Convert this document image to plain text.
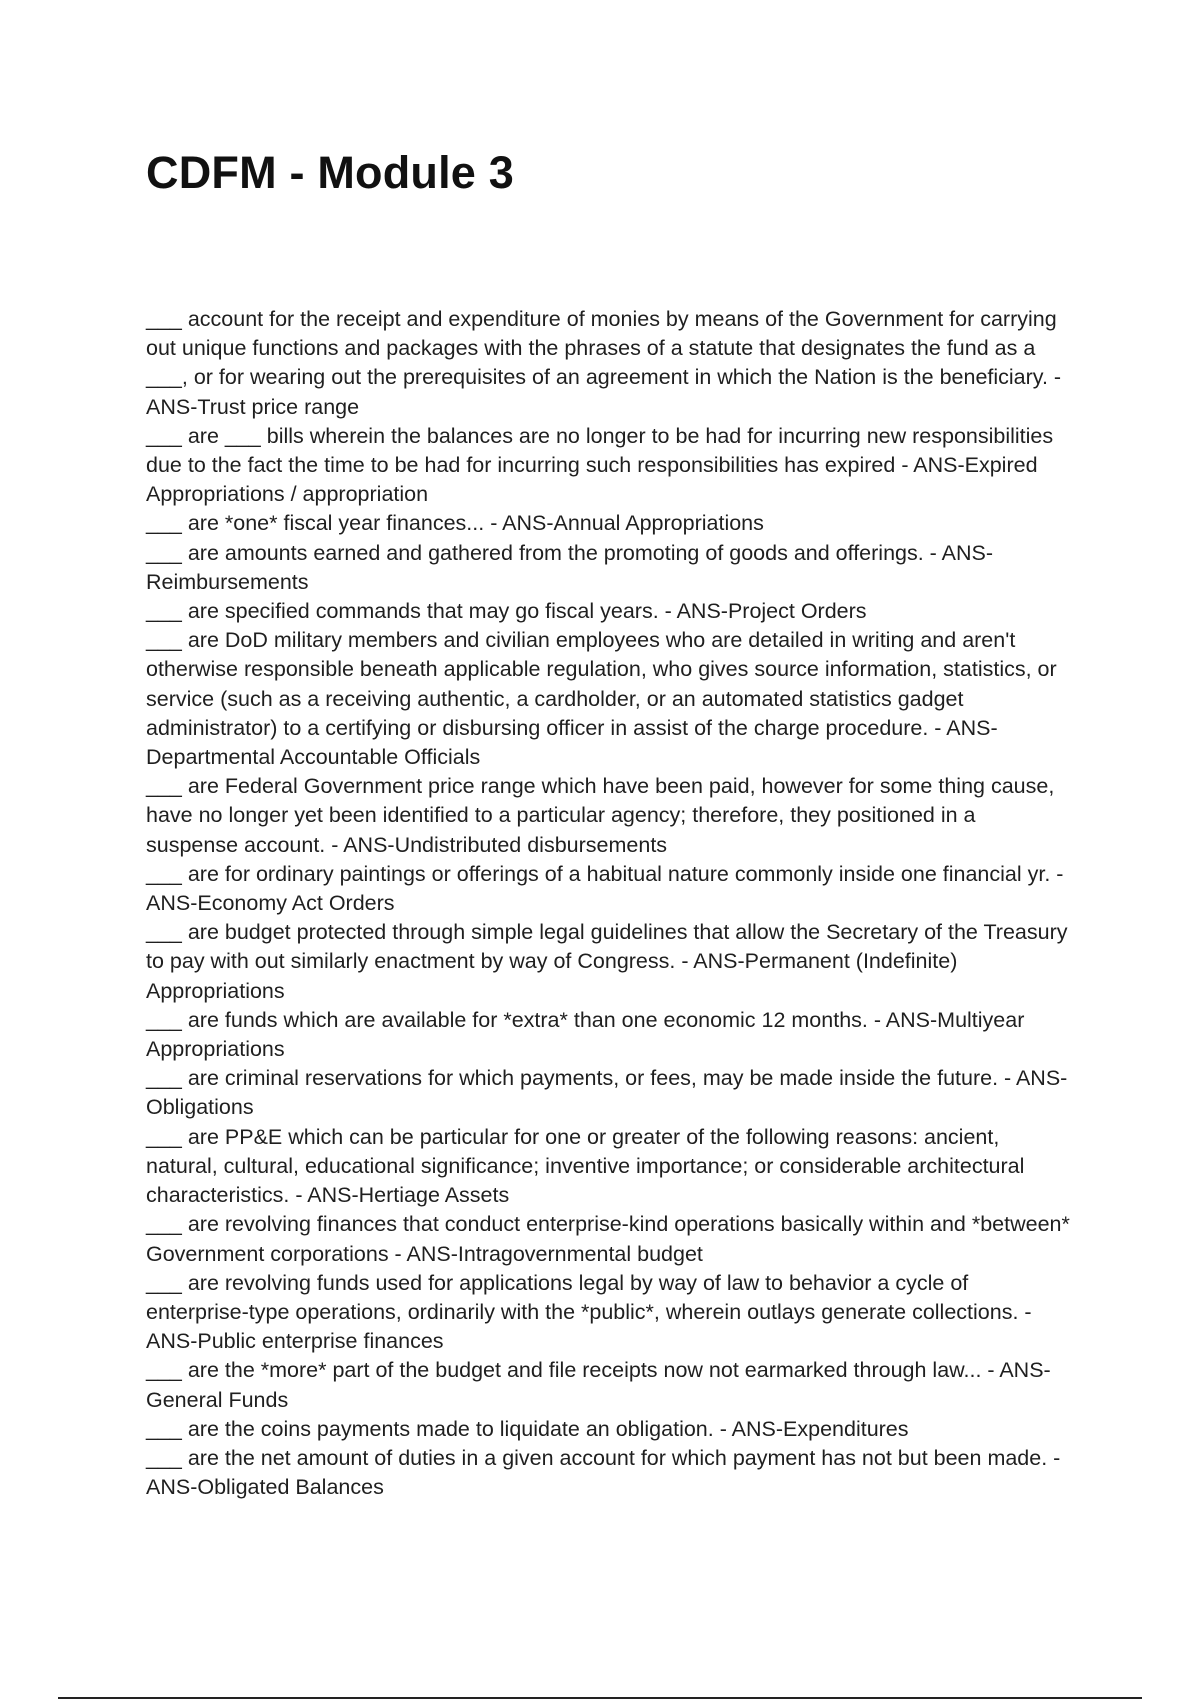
CDFM - Module 3

___ account for the receipt and expenditure of monies by means of the Government for carrying out unique functions and packages with the phrases of a statute that designates the fund as a ___, or for wearing out the prerequisites of an agreement in which the Nation is the beneficiary. - ANS-Trust price range

___ are ___ bills wherein the balances are no longer to be had for incurring new responsibilities due to the fact the time to be had for incurring such responsibilities has expired - ANS-Expired Appropriations / appropriation

___ are *one* fiscal year finances... - ANS-Annual Appropriations

___ are amounts earned and gathered from the promoting of goods and offerings. - ANS-Reimbursements

___ are specified commands that may go fiscal years. - ANS-Project Orders

___ are DoD military members and civilian employees who are detailed in writing and aren't otherwise responsible beneath applicable regulation, who gives source information, statistics, or service (such as a receiving authentic, a cardholder, or an automated statistics gadget administrator) to a certifying or disbursing officer in assist of the charge procedure. - ANS-Departmental Accountable Officials

___ are Federal Government price range which have been paid, however for some thing cause, have no longer yet been identified to a particular agency; therefore, they positioned in a suspense account. - ANS-Undistributed disbursements

___ are for ordinary paintings or offerings of a habitual nature commonly inside one financial yr. - ANS-Economy Act Orders

___ are budget protected through simple legal guidelines that allow the Secretary of the Treasury to pay with out similarly enactment by way of Congress. - ANS-Permanent (Indefinite) Appropriations

___ are funds which are available for *extra* than one economic 12 months. - ANS-Multiyear Appropriations

___ are criminal reservations for which payments, or fees, may be made inside the future. - ANS-Obligations

___ are PP&E which can be particular for one or greater of the following reasons: ancient, natural, cultural, educational significance; inventive importance; or considerable architectural characteristics. - ANS-Hertiage Assets

___ are revolving finances that conduct enterprise-kind operations basically within and *between* Government corporations - ANS-Intragovernmental budget

___ are revolving funds used for applications legal by way of law to behavior a cycle of enterprise-type operations, ordinarily with the *public*, wherein outlays generate collections. - ANS-Public enterprise finances

___ are the *more* part of the budget and file receipts now not earmarked through law... - ANS-General Funds

___ are the coins payments made to liquidate an obligation. - ANS-Expenditures

___ are the net amount of duties in a given account for which payment has not but been made. - ANS-Obligated Balances
